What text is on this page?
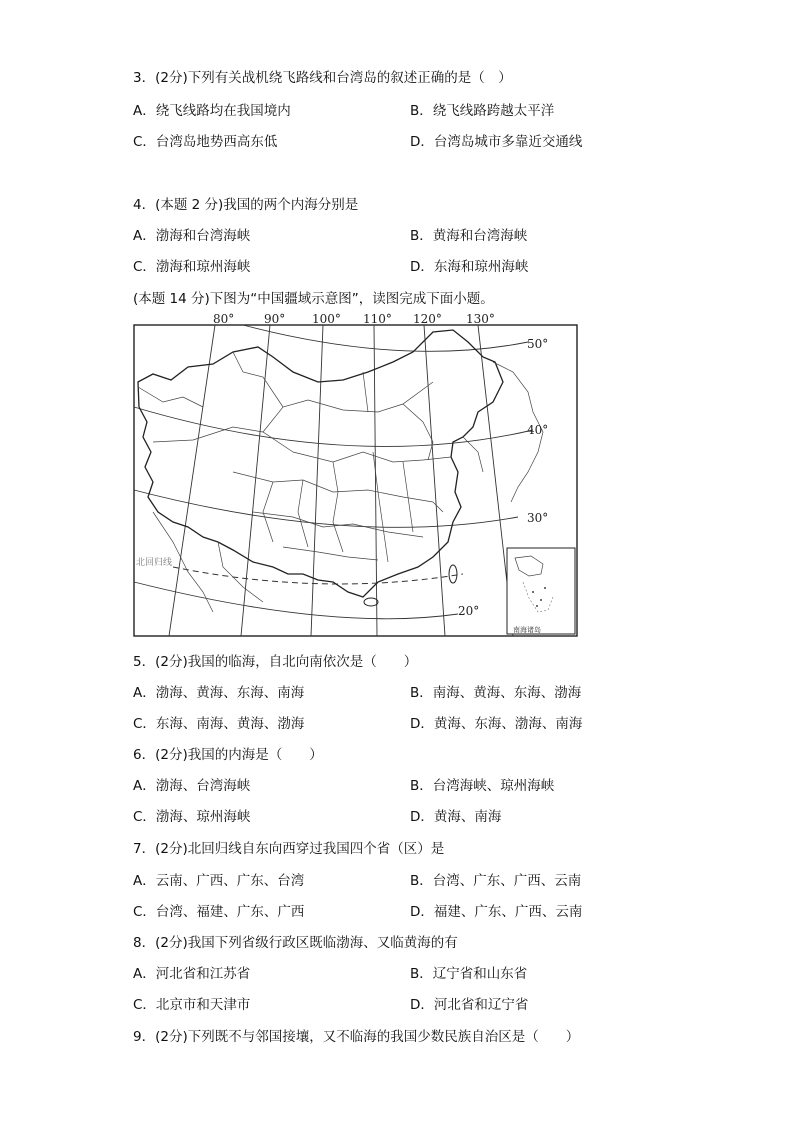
3．(2分)下列有关战机绕飞路线和台湾岛的叙述正确的是（　）
A．绕飞线路均在我国境内	B．绕飞线路跨越太平洋
C．台湾岛地势西高东低	D．台湾岛城市多靠近交通线
4．(本题 2 分)我国的两个内海分别是
A．渤海和台湾海峡	B．黄海和台湾海峡
C．渤海和琼州海峡	D．东海和琼州海峡
(本题 14 分)下图为“中国疆域示意图”，读图完成下面小题。
南海诸岛
80° 90° 100° 110° 120° 130°
50°
40°
30°
20°
北回归线
5．(2分)我国的临海，自北向南依次是（　　）
A．渤海、黄海、东海、南海	B．南海、黄海、东海、渤海
C．东海、南海、黄海、渤海	D．黄海、东海、渤海、南海
6．(2分)我国的内海是（　　）
A．渤海、台湾海峡	B．台湾海峡、琼州海峡
C．渤海、琼州海峡	D．黄海、南海
7．(2分)北回归线自东向西穿过我国四个省（区）是
A．云南、广西、广东、台湾	B．台湾、广东、广西、云南
C．台湾、福建、广东、广西	D．福建、广东、广西、云南
8．(2分)我国下列省级行政区既临渤海、又临黄海的有
A．河北省和江苏省	B．辽宁省和山东省
C．北京市和天津市	D．河北省和辽宁省
9．(2分)下列既不与邻国接壤，又不临海的我国少数民族自治区是（　　）
